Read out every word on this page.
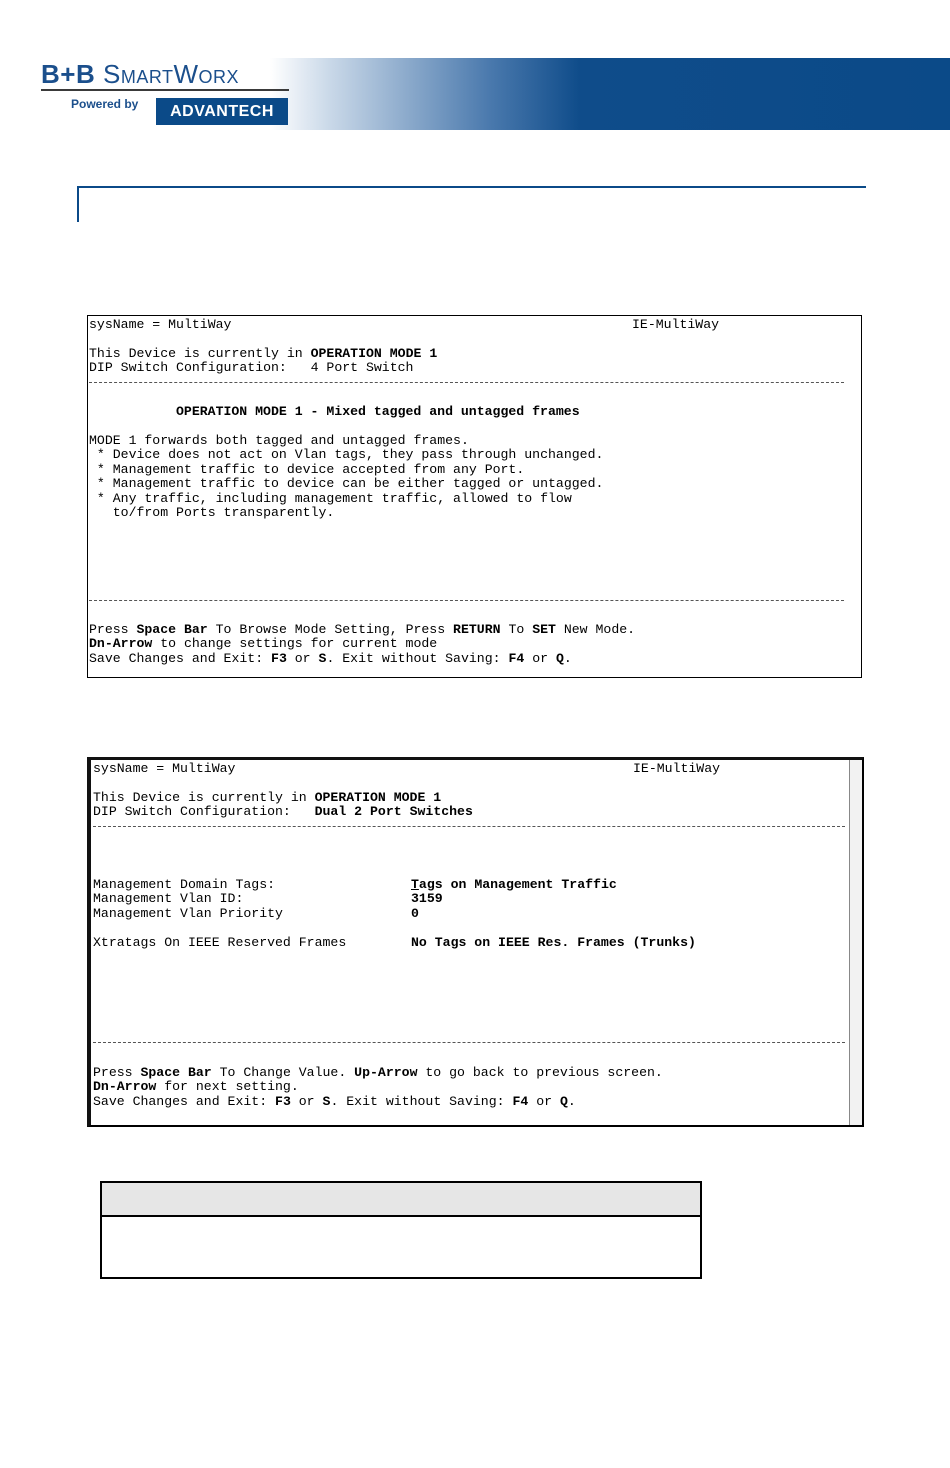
B+B SmartWorx
Powered by	ADVANTECH
sysName = MultiWay	IE-MultiWay
This Device is currently in OPERATION MODE 1
DIP Switch Configuration:   4 Port Switch
OPERATION MODE 1 - Mixed tagged and untagged frames
MODE 1 forwards both tagged and untagged frames.
* Device does not act on Vlan tags, they pass through unchanged.
* Management traffic to device accepted from any Port.
* Management traffic to device can be either tagged or untagged.
* Any traffic, including management traffic, allowed to flow
to/from Ports transparently.
Press Space Bar To Browse Mode Setting, Press RETURN To SET New Mode.
Dn-Arrow to change settings for current mode
Save Changes and Exit: F3 or S. Exit without Saving: F4 or Q.
sysName = MultiWay	IE-MultiWay
This Device is currently in OPERATION MODE 1
DIP Switch Configuration: Dual 2 Port Switches
Management Domain Tags:	Tags on Management Traffic
Management Vlan ID:	3159
Management Vlan Priority	0
Xtratags On IEEE Reserved Frames	No Tags on IEEE Res. Frames (Trunks)
Press Space Bar To Change Value. Up-Arrow to go back to previous screen.
Dn-Arrow for next setting.
Save Changes and Exit: F3 or S. Exit without Saving: F4 or Q.
